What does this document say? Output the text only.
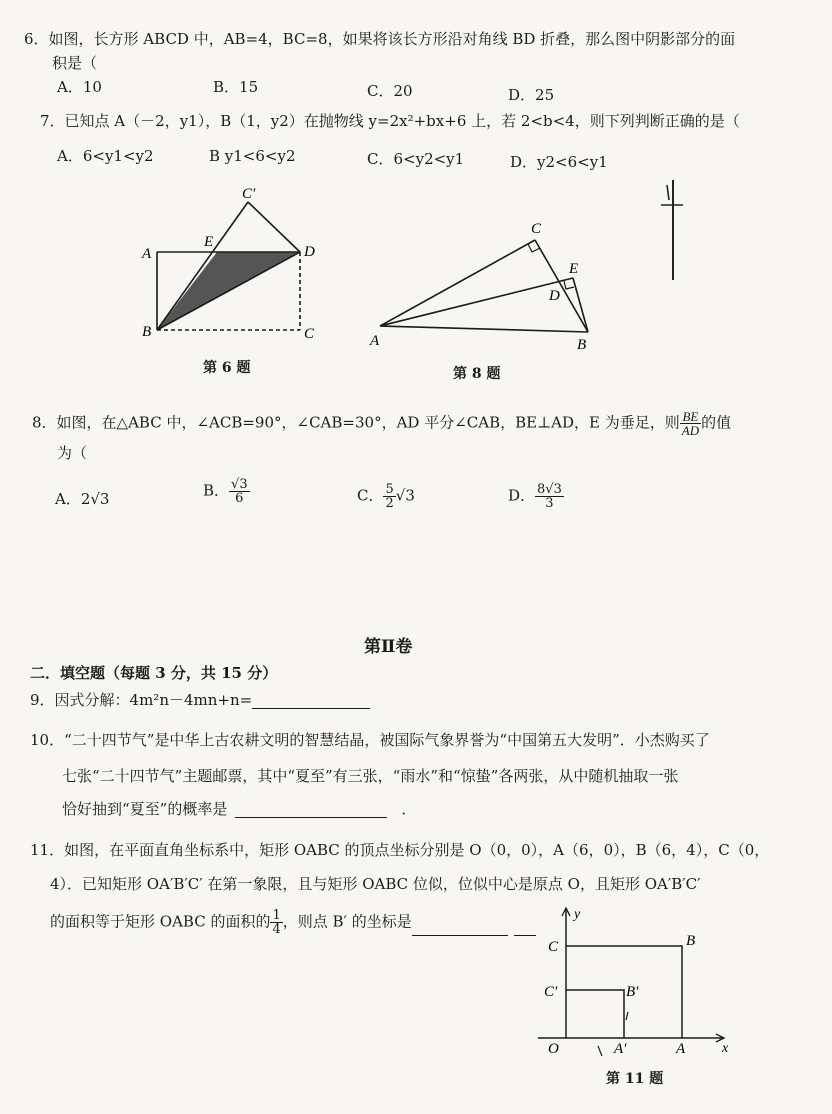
6．如图，长方形 ABCD 中，AB=4，BC=8，如果将该长方形沿对角线 BD 折叠，那么图中阴影部分的面
积是（
A．10	B．15	C．20	D．25
7．已知点 A（－2，y1），B（1，y2）在抛物线 y=2x²+bx+6 上，若 2<b<4，则下列判断正确的是（
A．6<y1<y2	B y1<6<y2	C．6<y2<y1	D．y2<6<y1
C′
A
E
D
B	C
第 6 题
C
E
D
A	B
第 8 题
8．如图，在△ABC 中，∠ACB=90°，∠CAB=30°，AD 平分∠CAB，BE⊥AD，E 为垂足，则 $\frac{BE}{AD}$ 的值
为（
A．2√3	B． $\frac{√3}{6}$	C． $\frac{5}{2} √3$	D． $\frac{8√3}{3}$
第Ⅱ卷
二．填空题（每题 3 分，共 15 分）
9．因式分解：4m²n－4mn+n=
10．“二十四节气”是中华上古农耕文明的智慧结晶，被国际气象界誉为“中国第五大发明”．小杰购买了
七张“二十四节气”主题邮票，其中“夏至”有三张，“雨水”和“惊蛰”各两张，从中随机抽取一张
恰好抽到“夏至”的概率是	．
11．如图，在平面直角坐标系中，矩形 OABC 的顶点坐标分别是 O（0，0），A（6，0），B（6，4），C（0，
4）．已知矩形 OA′B′C′ 在第一象限，且与矩形 OABC 位似，位似中心是原点 O，且矩形 OA′B′C′
的面积等于矩形 OABC 的面积的 $\frac{1}{4}$ ，则点 B′ 的坐标是	y
C	B
C′	B′
O	A′	A	x
第 11 题
